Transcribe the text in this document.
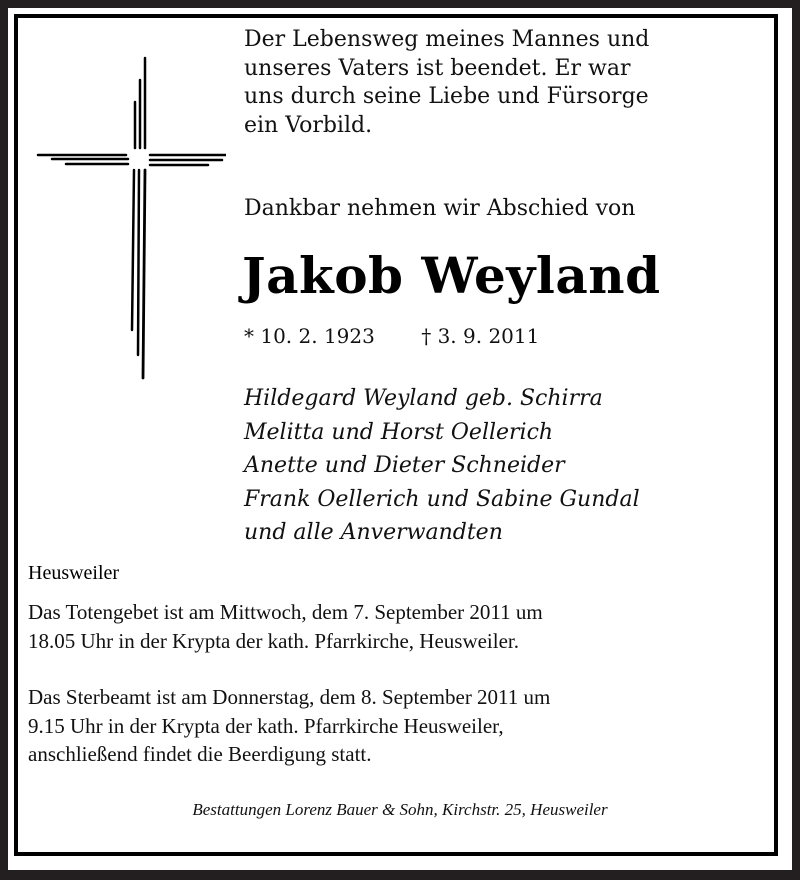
Der Lebensweg meines Mannes und

unseres Vaters ist beendet. Er war

uns durch seine Liebe und Fürsorge

ein Vorbild.

Dankbar nehmen wir Abschied von
Jakob Weyland
* 10. 2. 1923 † 3. 9. 2011
Hildegard Weyland geb. Schirra
Melitta und Horst Oellerich
Anette und Dieter Schneider
Frank Oellerich und Sabine Gundal
und alle Anverwandten
Heusweiler
Das Totengebet ist am Mittwoch, dem 7. September 2011 um
18.05 Uhr in der Krypta der kath. Pfarrkirche, Heusweiler.
Das Sterbeamt ist am Donnerstag, dem 8. September 2011 um
9.15 Uhr in der Krypta der kath. Pfarrkirche Heusweiler,
anschließend findet die Beerdigung statt.
Bestattungen Lorenz Bauer & Sohn, Kirchstr. 25, Heusweiler
